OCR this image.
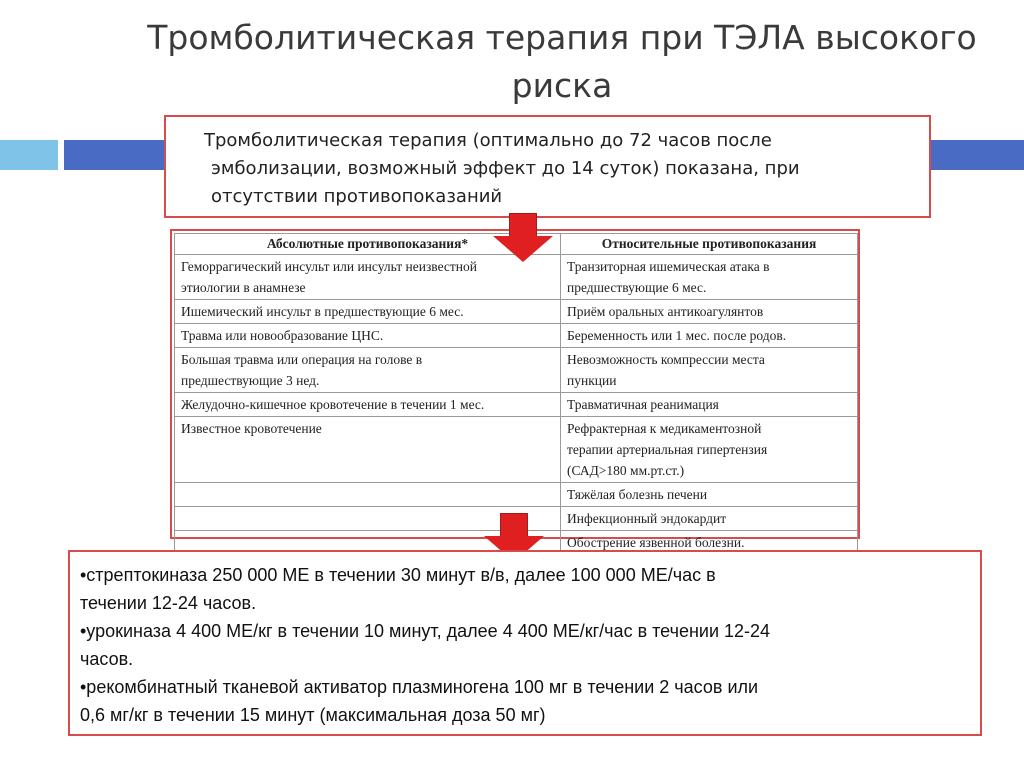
Тромболитическая терапия при ТЭЛА высокого
риска
Тромболитическая терапия (оптимально до 72 часов после
эмболизации, возможный эффект до 14 суток) показана, при
отсутствии противопоказаний
Абсолютные противопоказания*	Относительные противопоказания

Геморрагический инсульт или инсульт неизвестной
этиологии в анамнезе	Транзиторная ишемическая атака в
предшествующие 6 мес.

Ишемический инсульт в предшествующие 6 мес.	Приём оральных антикоагулянтов

Травма или новообразование ЦНС.	Беременность или 1 мес. после родов.

Большая травма или операция на голове в
предшествующие 3 нед.	Невозможность компрессии места
пункции

Желудочно-кишечное кровотечение в течении 1 мес.	Травматичная реанимация

Известное кровотечение	Рефрактерная к медикаментозной
терапии артериальная гипертензия
(САД>180 мм.рт.ст.)

	Тяжёлая болезнь печени

	Инфекционный эндокардит

	Обострение язвенной болезни.
•стрептокиназа 250 000 МЕ в течении 30 минут в/в, далее 100 000 МЕ/час в
течении 12-24 часов.
•урокиназа 4 400 МЕ/кг в течении 10 минут, далее 4 400 МЕ/кг/час в течении 12-24
часов.
•рекомбинатный тканевой активатор плазминогена 100 мг в течении 2 часов или
0,6 мг/кг в течении 15 минут (максимальная доза 50 мг)
